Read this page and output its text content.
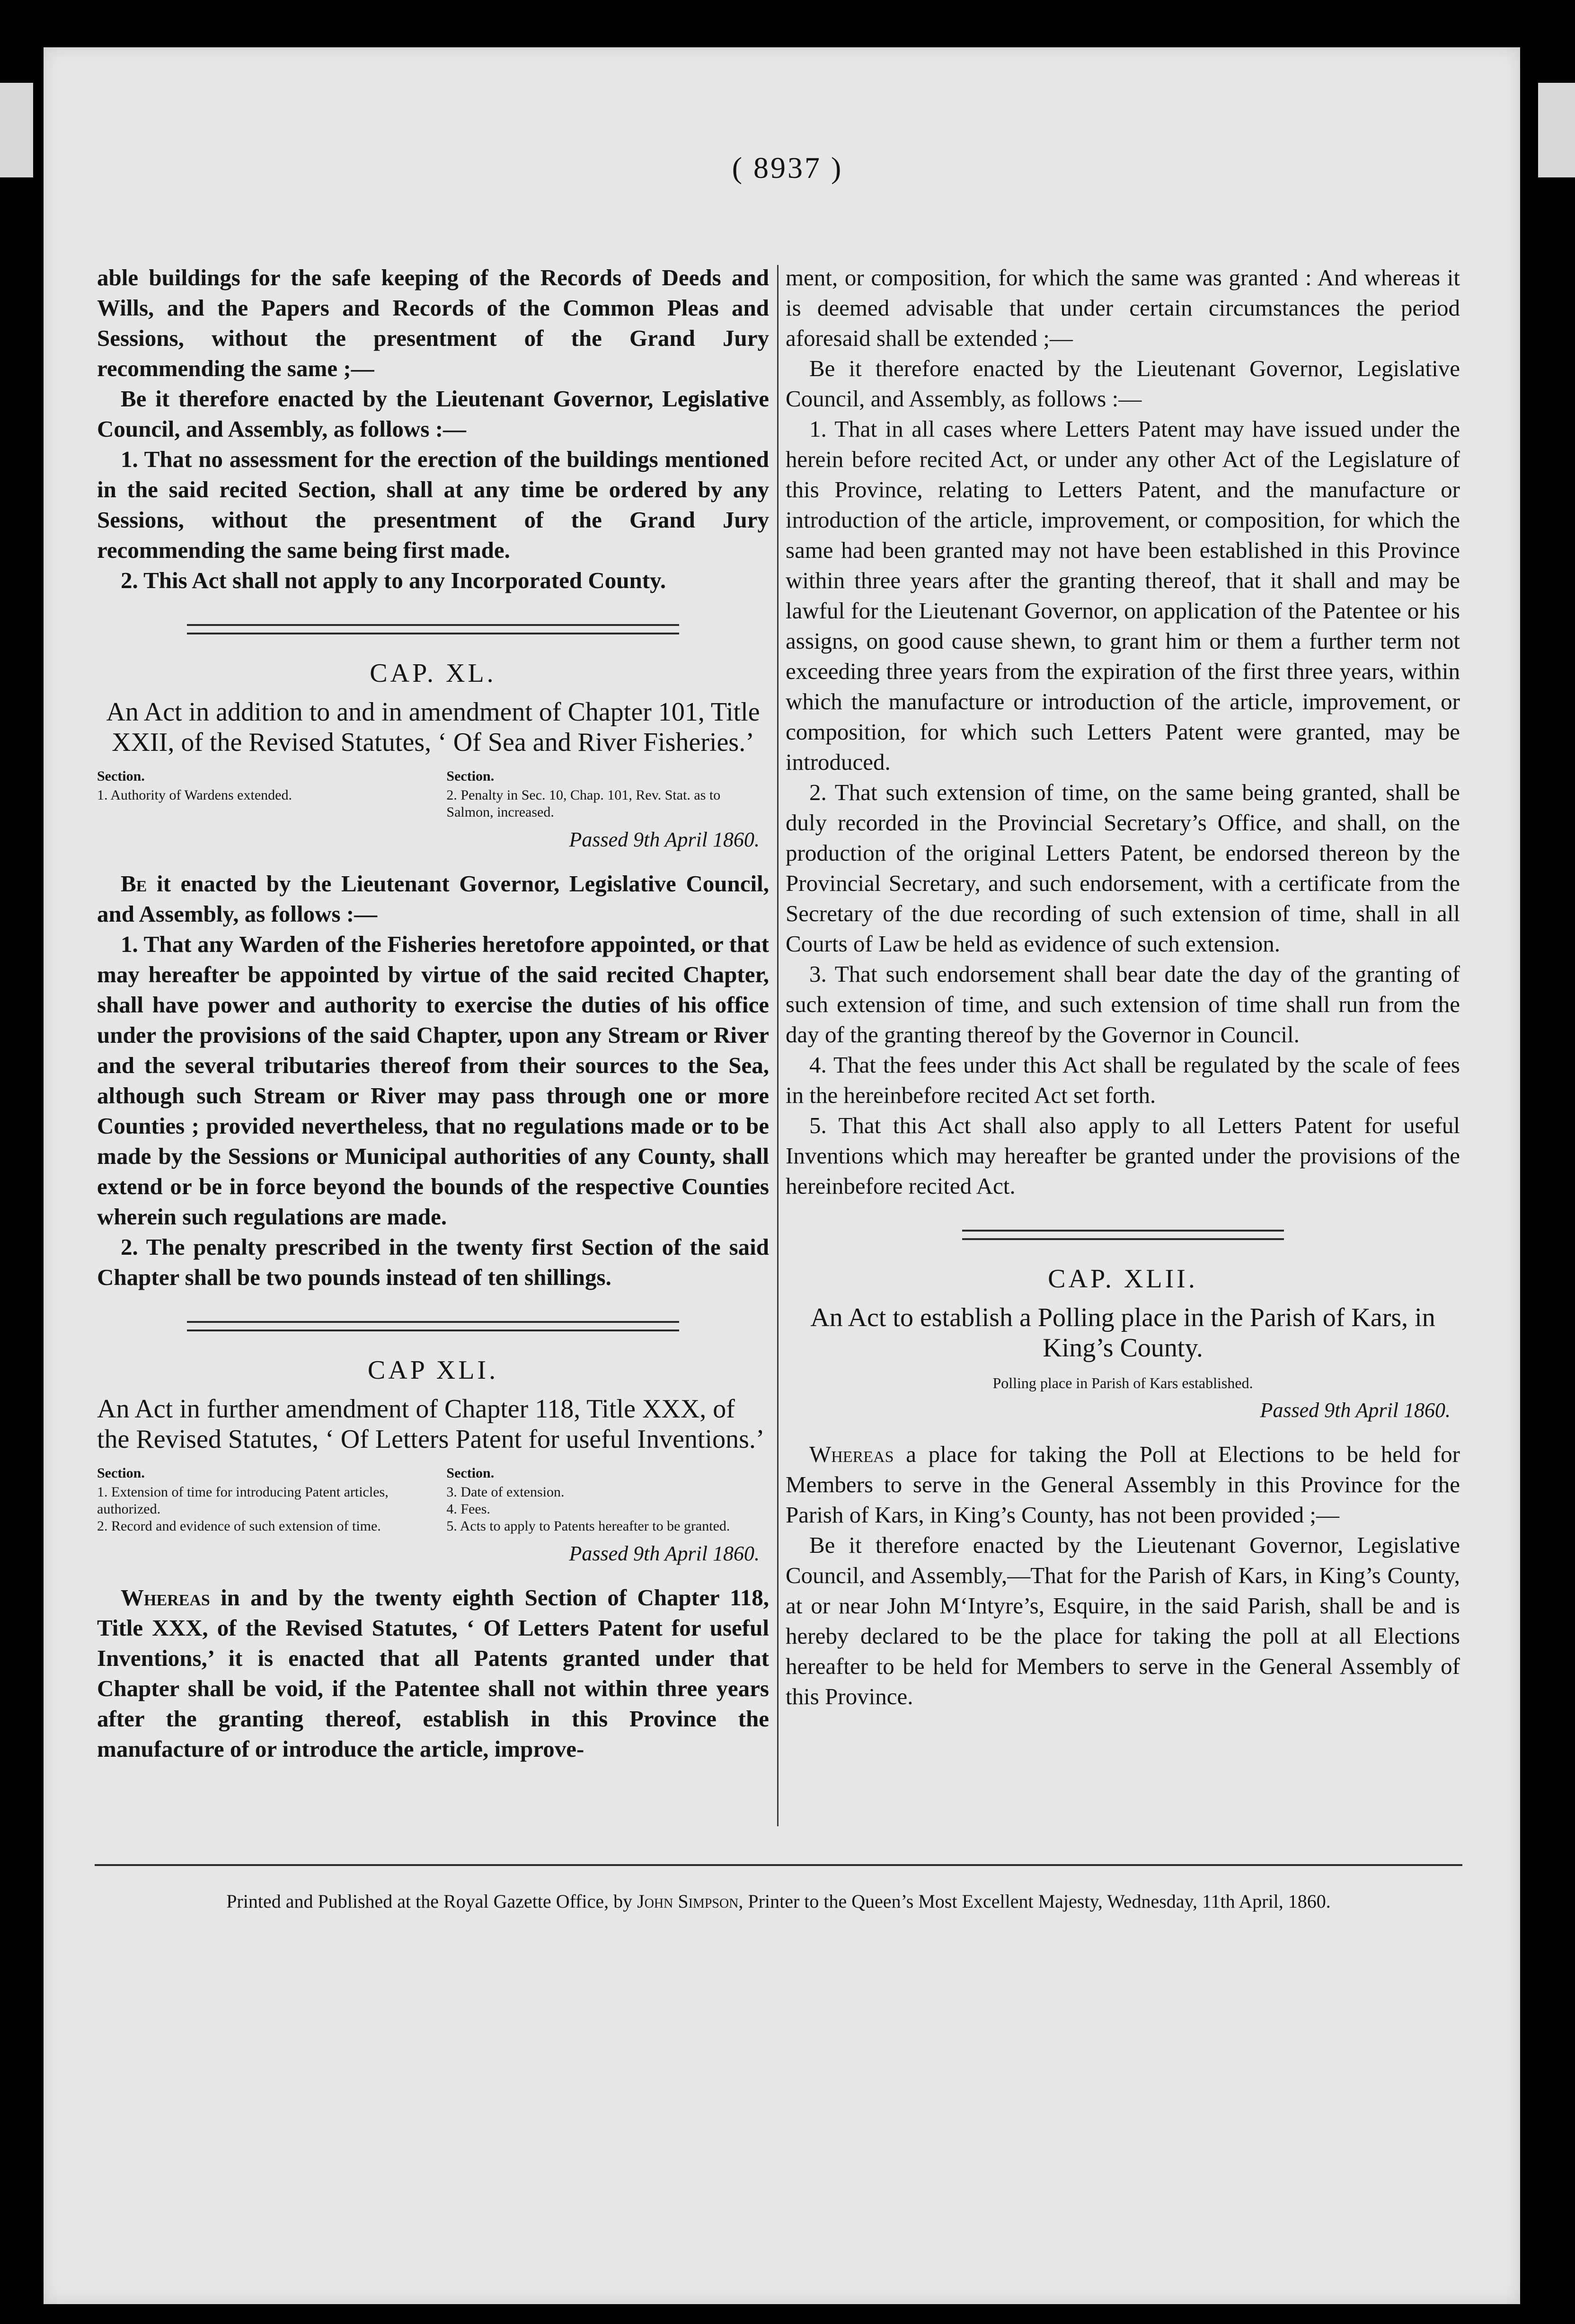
( 8937 )

able buildings for the safe keeping of the Records of Deeds and Wills, and the Papers and Records of the Common Pleas and Sessions, without the presentment of the Grand Jury recommending the same ;—

Be it therefore enacted by the Lieutenant Governor, Legislative Council, and Assembly, as follows :—

1. That no assessment for the erection of the buildings mentioned in the said recited Section, shall at any time be ordered by any Sessions, without the presentment of the Grand Jury recommending the same being first made.

2. This Act shall not apply to any Incorporated County.

CAP. XL.
An Act in addition to and in amendment of Chapter 101, Title XXII, of the Revised Statutes, ‘ Of Sea and River Fisheries.’
Section.
1. Authority of Wardens extended.
Section.
2. Penalty in Sec. 10, Chap. 101, Rev. Stat. as to Salmon, increased.
Passed 9th April 1860.

Be it enacted by the Lieutenant Governor, Legislative Council, and Assembly, as follows :—

1. That any Warden of the Fisheries heretofore appointed, or that may hereafter be appointed by virtue of the said recited Chapter, shall have power and authority to exercise the duties of his office under the provisions of the said Chapter, upon any Stream or River and the several tributaries thereof from their sources to the Sea, although such Stream or River may pass through one or more Counties ; provided nevertheless, that no regulations made or to be made by the Sessions or Municipal authorities of any County, shall extend or be in force beyond the bounds of the respective Counties wherein such regulations are made.

2. The penalty prescribed in the twenty first Section of the said Chapter shall be two pounds instead of ten shillings.

CAP XLI.
An Act in further amendment of Chapter 118, Title XXX, of the Revised Statutes, ‘ Of Letters Patent for useful Inventions.’
Section.
1. Extension of time for introducing Patent articles, authorized.
2. Record and evidence of such extension of time.
Section.
3. Date of extension.
4. Fees.
5. Acts to apply to Patents hereafter to be granted.
Passed 9th April 1860.

Whereas in and by the twenty eighth Section of Chapter 118, Title XXX, of the Revised Statutes, ‘ Of Letters Patent for useful Inventions,’ it is enacted that all Patents granted under that Chapter shall be void, if the Patentee shall not within three years after the granting thereof, establish in this Province the manufacture of or introduce the article, improve-

ment, or composition, for which the same was granted : And whereas it is deemed advisable that under certain circumstances the period aforesaid shall be extended ;—

Be it therefore enacted by the Lieutenant Governor, Legislative Council, and Assembly, as follows :—

1. That in all cases where Letters Patent may have issued under the herein before recited Act, or under any other Act of the Legislature of this Province, relating to Letters Patent, and the manufacture or introduction of the article, improvement, or composition, for which the same had been granted may not have been established in this Province within three years after the granting thereof, that it shall and may be lawful for the Lieutenant Governor, on application of the Patentee or his assigns, on good cause shewn, to grant him or them a further term not exceeding three years from the expiration of the first three years, within which the manufacture or introduction of the article, improvement, or composition, for which such Letters Patent were granted, may be introduced.

2. That such extension of time, on the same being granted, shall be duly recorded in the Provincial Secretary’s Office, and shall, on the production of the original Letters Patent, be endorsed thereon by the Provincial Secretary, and such endorsement, with a certificate from the Secretary of the due recording of such extension of time, shall in all Courts of Law be held as evidence of such extension.

3. That such endorsement shall bear date the day of the granting of such extension of time, and such extension of time shall run from the day of the granting thereof by the Governor in Council.

4. That the fees under this Act shall be regulated by the scale of fees in the hereinbefore recited Act set forth.

5. That this Act shall also apply to all Letters Patent for useful Inventions which may hereafter be granted under the provisions of the hereinbefore recited Act.

CAP. XLII.
An Act to establish a Polling place in the Parish of Kars, in King’s County.
Polling place in Parish of Kars established.
Passed 9th April 1860.

Whereas a place for taking the Poll at Elections to be held for Members to serve in the General Assembly in this Province for the Parish of Kars, in King’s County, has not been provided ;—

Be it therefore enacted by the Lieutenant Governor, Legislative Council, and Assembly,—That for the Parish of Kars, in King’s County, at or near John M‘Intyre’s, Esquire, in the said Parish, shall be and is hereby declared to be the place for taking the poll at all Elections hereafter to be held for Members to serve in the General Assembly of this Province.

Printed and Published at the Royal Gazette Office, by John Simpson, Printer to the Queen’s Most Excellent Majesty, Wednesday, 11th April, 1860.
